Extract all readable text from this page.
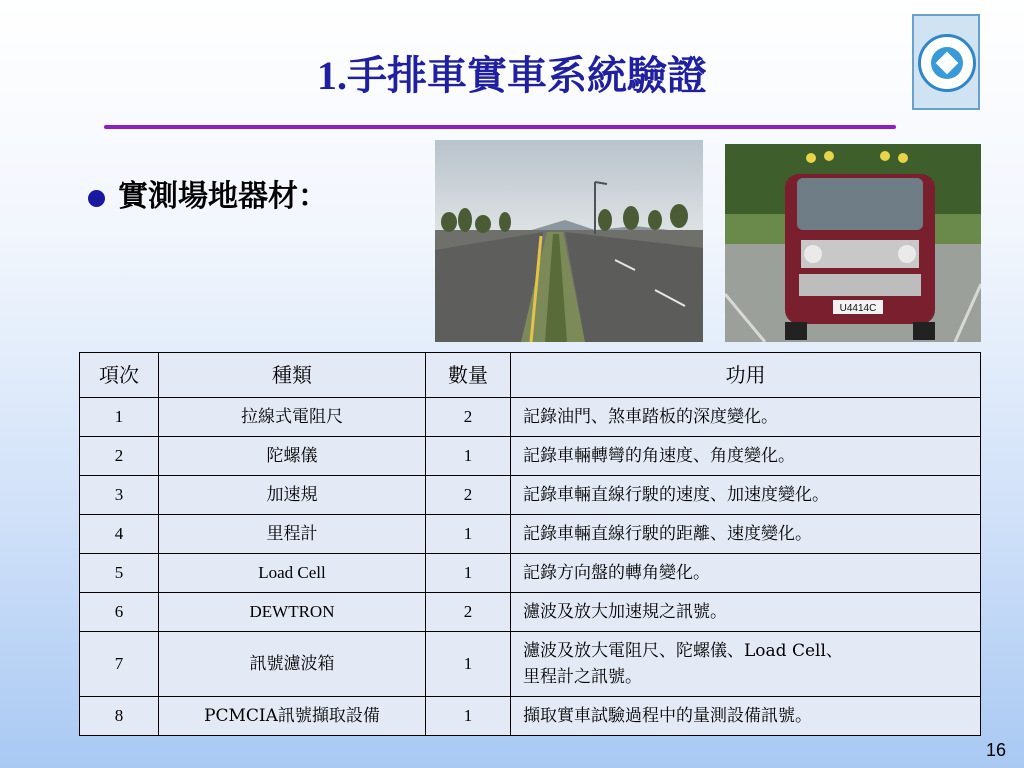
1.手排車實車系統驗證
實測場地器材：
U4414C
項次	種類	數量	功用
1	拉線式電阻尺	2	記錄油門、煞車踏板的深度變化。
2	陀螺儀	1	記錄車輛轉彎的角速度、角度變化。
3	加速規	2	記錄車輛直線行駛的速度、加速度變化。
4	里程計	1	記錄車輛直線行駛的距離、速度變化。
5	Load Cell	1	記錄方向盤的轉角變化。
6	DEWTRON	2	濾波及放大加速規之訊號。
7	訊號濾波箱	1	濾波及放大電阻尺、陀螺儀、Load Cell、
里程計之訊號。

8	PCMCIA訊號擷取設備	1	擷取實車試驗過程中的量測設備訊號。
16
